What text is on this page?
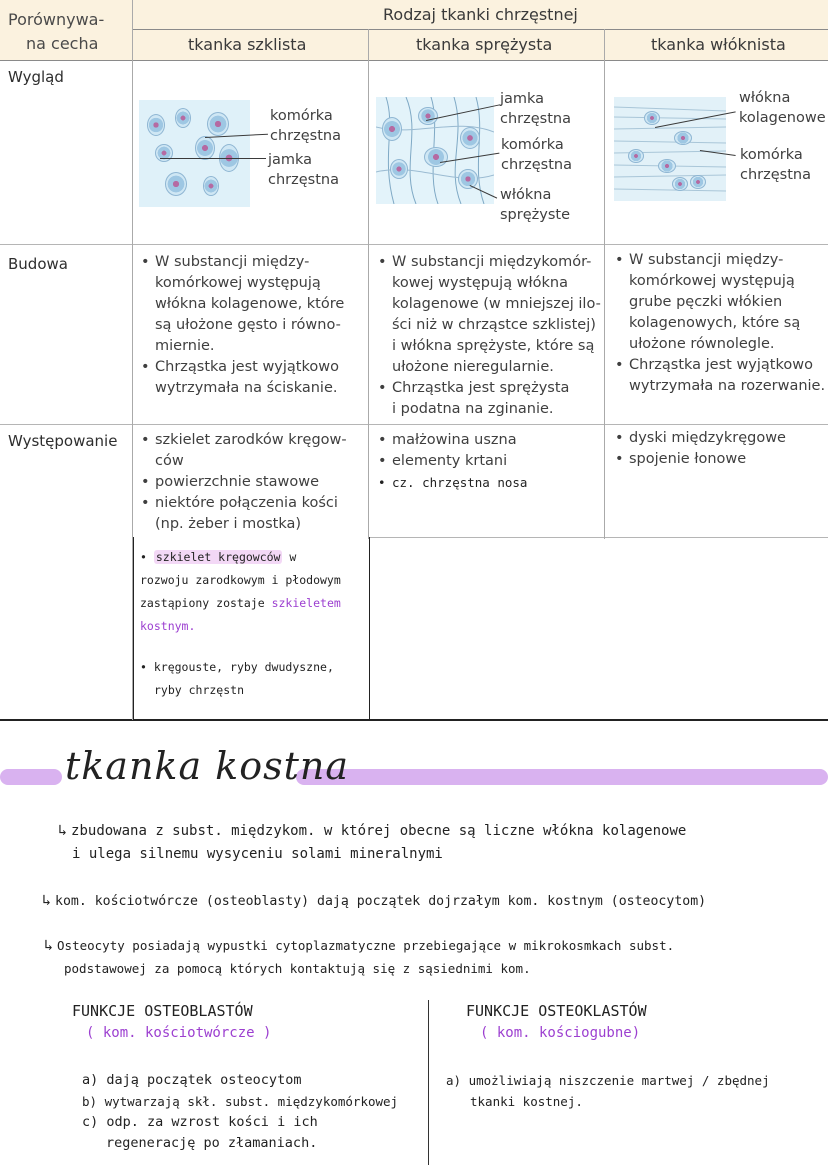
Porównywa-
na cecha
Rodzaj tkanki chrzęstnej
tkanka szklista	tkanka sprężysta	tkanka włóknista
Wygląd
Budowa
Występowanie
komórka
chrzęstna
jamka
chrzęstna
jamka
chrzęstna
komórka
chrzęstna
włókna
sprężyste
włókna
kolagenowe
komórka
chrzęstna
• W substancji między-
komórkowej występują
włókna kolagenowe, które
są ułożone gęsto i równo-
miernie.
• Chrząstka jest wyjątkowo
wytrzymała na ściskanie.
• W substancji międzykomór-
kowej występują włókna
kolagenowe (w mniejszej ilo-
ści niż w chrząstce szklistej)
i włókna sprężyste, które są
ułożone nieregularnie.
• Chrząstka jest sprężysta
i podatna na zginanie.
• W substancji między-
komórkowej występują
grube pęczki włókien
kolagenowych, które są
ułożone równolegle.
• Chrząstka jest wyjątkowo
wytrzymała na rozerwanie.
• szkielet zarodków kręgow-
ców
• powierzchnie stawowe
• niektóre połączenia kości
(np. żeber i mostka)
• małżowina uszna
• elementy krtani
• cz. chrzęstna nosa
• dyski międzykręgowe
• spojenie łonowe
• szkielet kręgowców w
rozwoju zarodkowym i płodowym
zastąpiony zostaje szkieletem
kostnym.
• kręgouste, ryby dwudyszne,
ryby chrzęstn
tkanka kostna
↳ zbudowana z subst. międzykom. w której obecne są liczne włókna kolagenowe
i ulega silnemu wysyceniu solami mineralnymi
↳ kom. kościotwórcze (osteoblasty) dają początek dojrzałym kom. kostnym (osteocytom)
↳ Osteocyty posiadają wypustki cytoplazmatyczne przebiegające w mikrokosmkach subst.
podstawowej za pomocą których kontaktują się z sąsiednimi kom.
FUNKCJE OSTEOBLASTÓW
( kom. kościotwórcze )
a) dają początek osteocytom
b) wytwarzają skł. subst. międzykomórkowej
c) odp. za wzrost kości i ich
regenerację po złamaniach.
FUNKCJE OSTEOKLASTÓW
( kom. kościogubne)
a) umożliwiają niszczenie martwej / zbędnej
tkanki kostnej.
